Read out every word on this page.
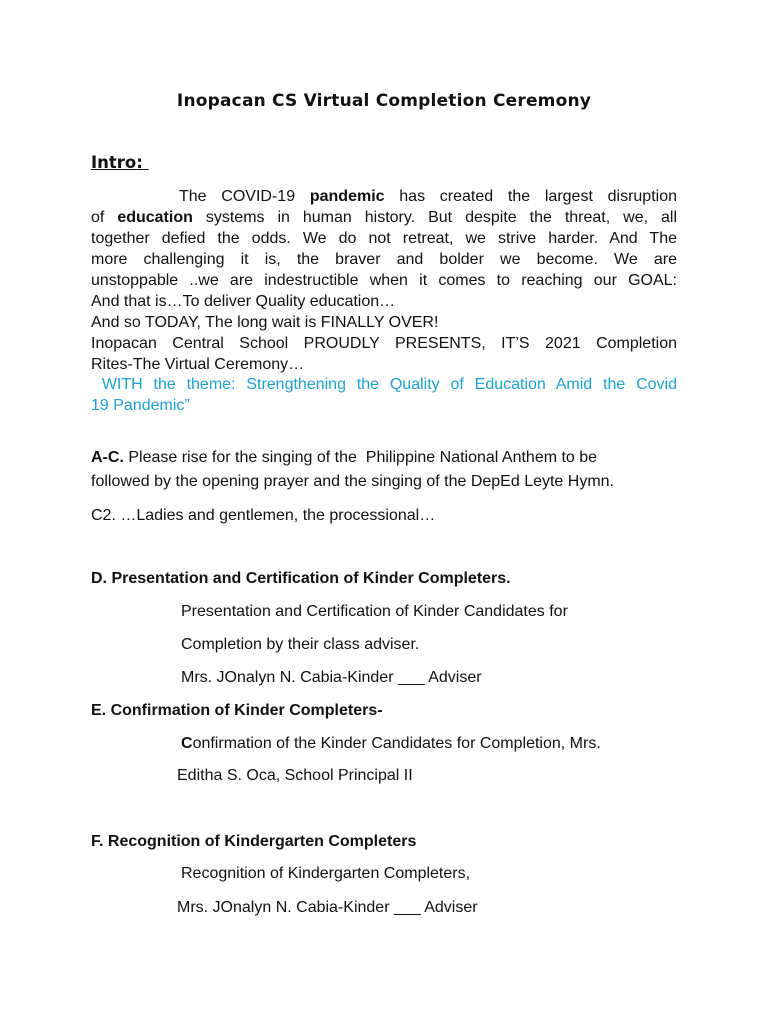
Inopacan CS Virtual Completion Ceremony
Intro:
The COVID-19 pandemic has created the largest disruption
of education systems in human history. But despite the threat, we, all
together defied the odds. We do not retreat, we strive harder. And The
more challenging it is, the braver and bolder we become. We are
unstoppable ..we are indestructible when it comes to reaching our GOAL:
And that is…To deliver Quality education…
And so TODAY, The long wait is FINALLY OVER!
Inopacan Central School PROUDLY PRESENTS, IT’S 2021 Completion
Rites-The Virtual Ceremony…
WITH the theme: Strengthening the Quality of Education Amid the Covid
19 Pandemic”
A-C. Please rise for the singing of the  Philippine National Anthem to be
followed by the opening prayer and the singing of the DepEd Leyte Hymn.
C2. …Ladies and gentlemen, the processional…
D. Presentation and Certification of Kinder Completers.
Presentation and Certification of Kinder Candidates for
Completion by their class adviser.
Mrs. JOnalyn N. Cabia-Kinder ___ Adviser
E. Confirmation of Kinder Completers-
Confirmation of the Kinder Candidates for Completion, Mrs.
Editha S. Oca, School Principal II
F. Recognition of Kindergarten Completers
Recognition of Kindergarten Completers,
Mrs. JOnalyn N. Cabia-Kinder ___ Adviser
